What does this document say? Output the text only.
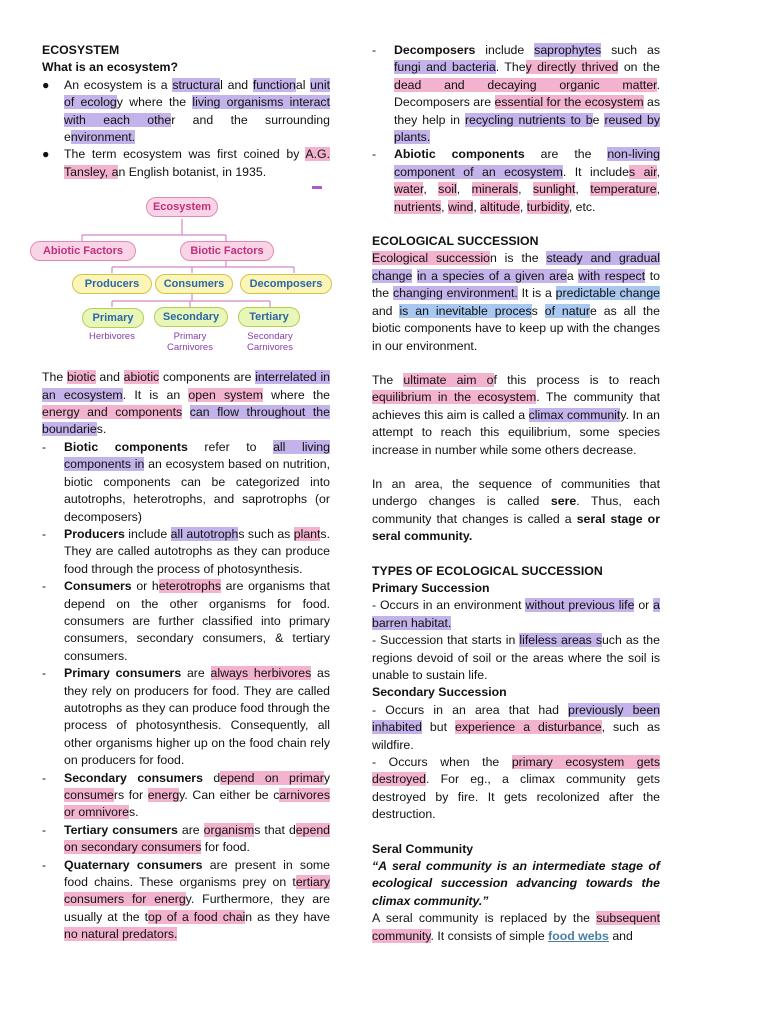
ECOSYSTEM
What is an ecosystem?
● An ecosystem is a structural and functional unit of ecology where the living organisms interact with each other and the surrounding environment.
● The term ecosystem was first coined by A.G. Tansley, an English botanist, in 1935.
Ecosystem
Abiotic Factors	Biotic Factors
Producers	Consumers	Decomposers
Primary	Secondary	Tertiary
Herbivores	Primary
Carnivores
Secondary
Carnivores

The biotic and abiotic components are interrelated in an ecosystem. It is an open system where the energy and components can flow throughout the boundaries.

- Biotic components refer to all living components in an ecosystem based on nutrition, biotic components can be categorized into autotrophs, heterotrophs, and saprotrophs (or decomposers)
- Producers include all autotrophs such as plants. They are called autotrophs as they can produce food through the process of photosynthesis.
- Consumers or heterotrophs are organisms that depend on the other organisms for food. consumers are further classified into primary consumers, secondary consumers, & tertiary consumers.
- Primary consumers are always herbivores as they rely on producers for food. They are called autotrophs as they can produce food through the process of photosynthesis. Consequently, all other organisms higher up on the food chain rely on producers for food.
- Secondary consumers depend on primary consumers for energy. Can either be carnivores or omnivores.
- Tertiary consumers are organisms that depend on secondary consumers for food.
- Quaternary consumers are present in some food chains. These organisms prey on tertiary consumers for energy. Furthermore, they are usually at the top of a food chain as they have no natural predators.
- Decomposers include saprophytes such as fungi and bacteria. They directly thrived on the dead and decaying organic matter. Decomposers are essential for the ecosystem as they help in recycling nutrients to be reused by plants.
- Abiotic components are the non-living component of an ecosystem. It includes air, water, soil, minerals, sunlight, temperature, nutrients, wind, altitude, turbidity, etc.
ECOLOGICAL SUCCESSION

Ecological succession is the steady and gradual change in a species of a given area with respect to the changing environment. It is a predictable change and is an inevitable process of nature as all the biotic components have to keep up with the changes in our environment.

The ultimate aim of this process is to reach equilibrium in the ecosystem. The community that achieves this aim is called a climax community. In an attempt to reach this equilibrium, some species increase in number while some others decrease.

In an area, the sequence of communities that undergo changes is called sere. Thus, each community that changes is called a seral stage or seral community.

TYPES OF ECOLOGICAL SUCCESSION
Primary Succession

- Occurs in an environment without previous life or a barren habitat.

- Succession that starts in lifeless areas such as the regions devoid of soil or the areas where the soil is unable to sustain life.

Secondary Succession

- Occurs in an area that had previously been inhabited but experience a disturbance, such as wildfire.

- Occurs when the primary ecosystem gets destroyed. For eg., a climax community gets destroyed by fire. It gets recolonized after the destruction.

Seral Community

“A seral community is an intermediate stage of ecological succession advancing towards the climax community.”

A seral community is replaced by the subsequent community. It consists of simple food webs and
